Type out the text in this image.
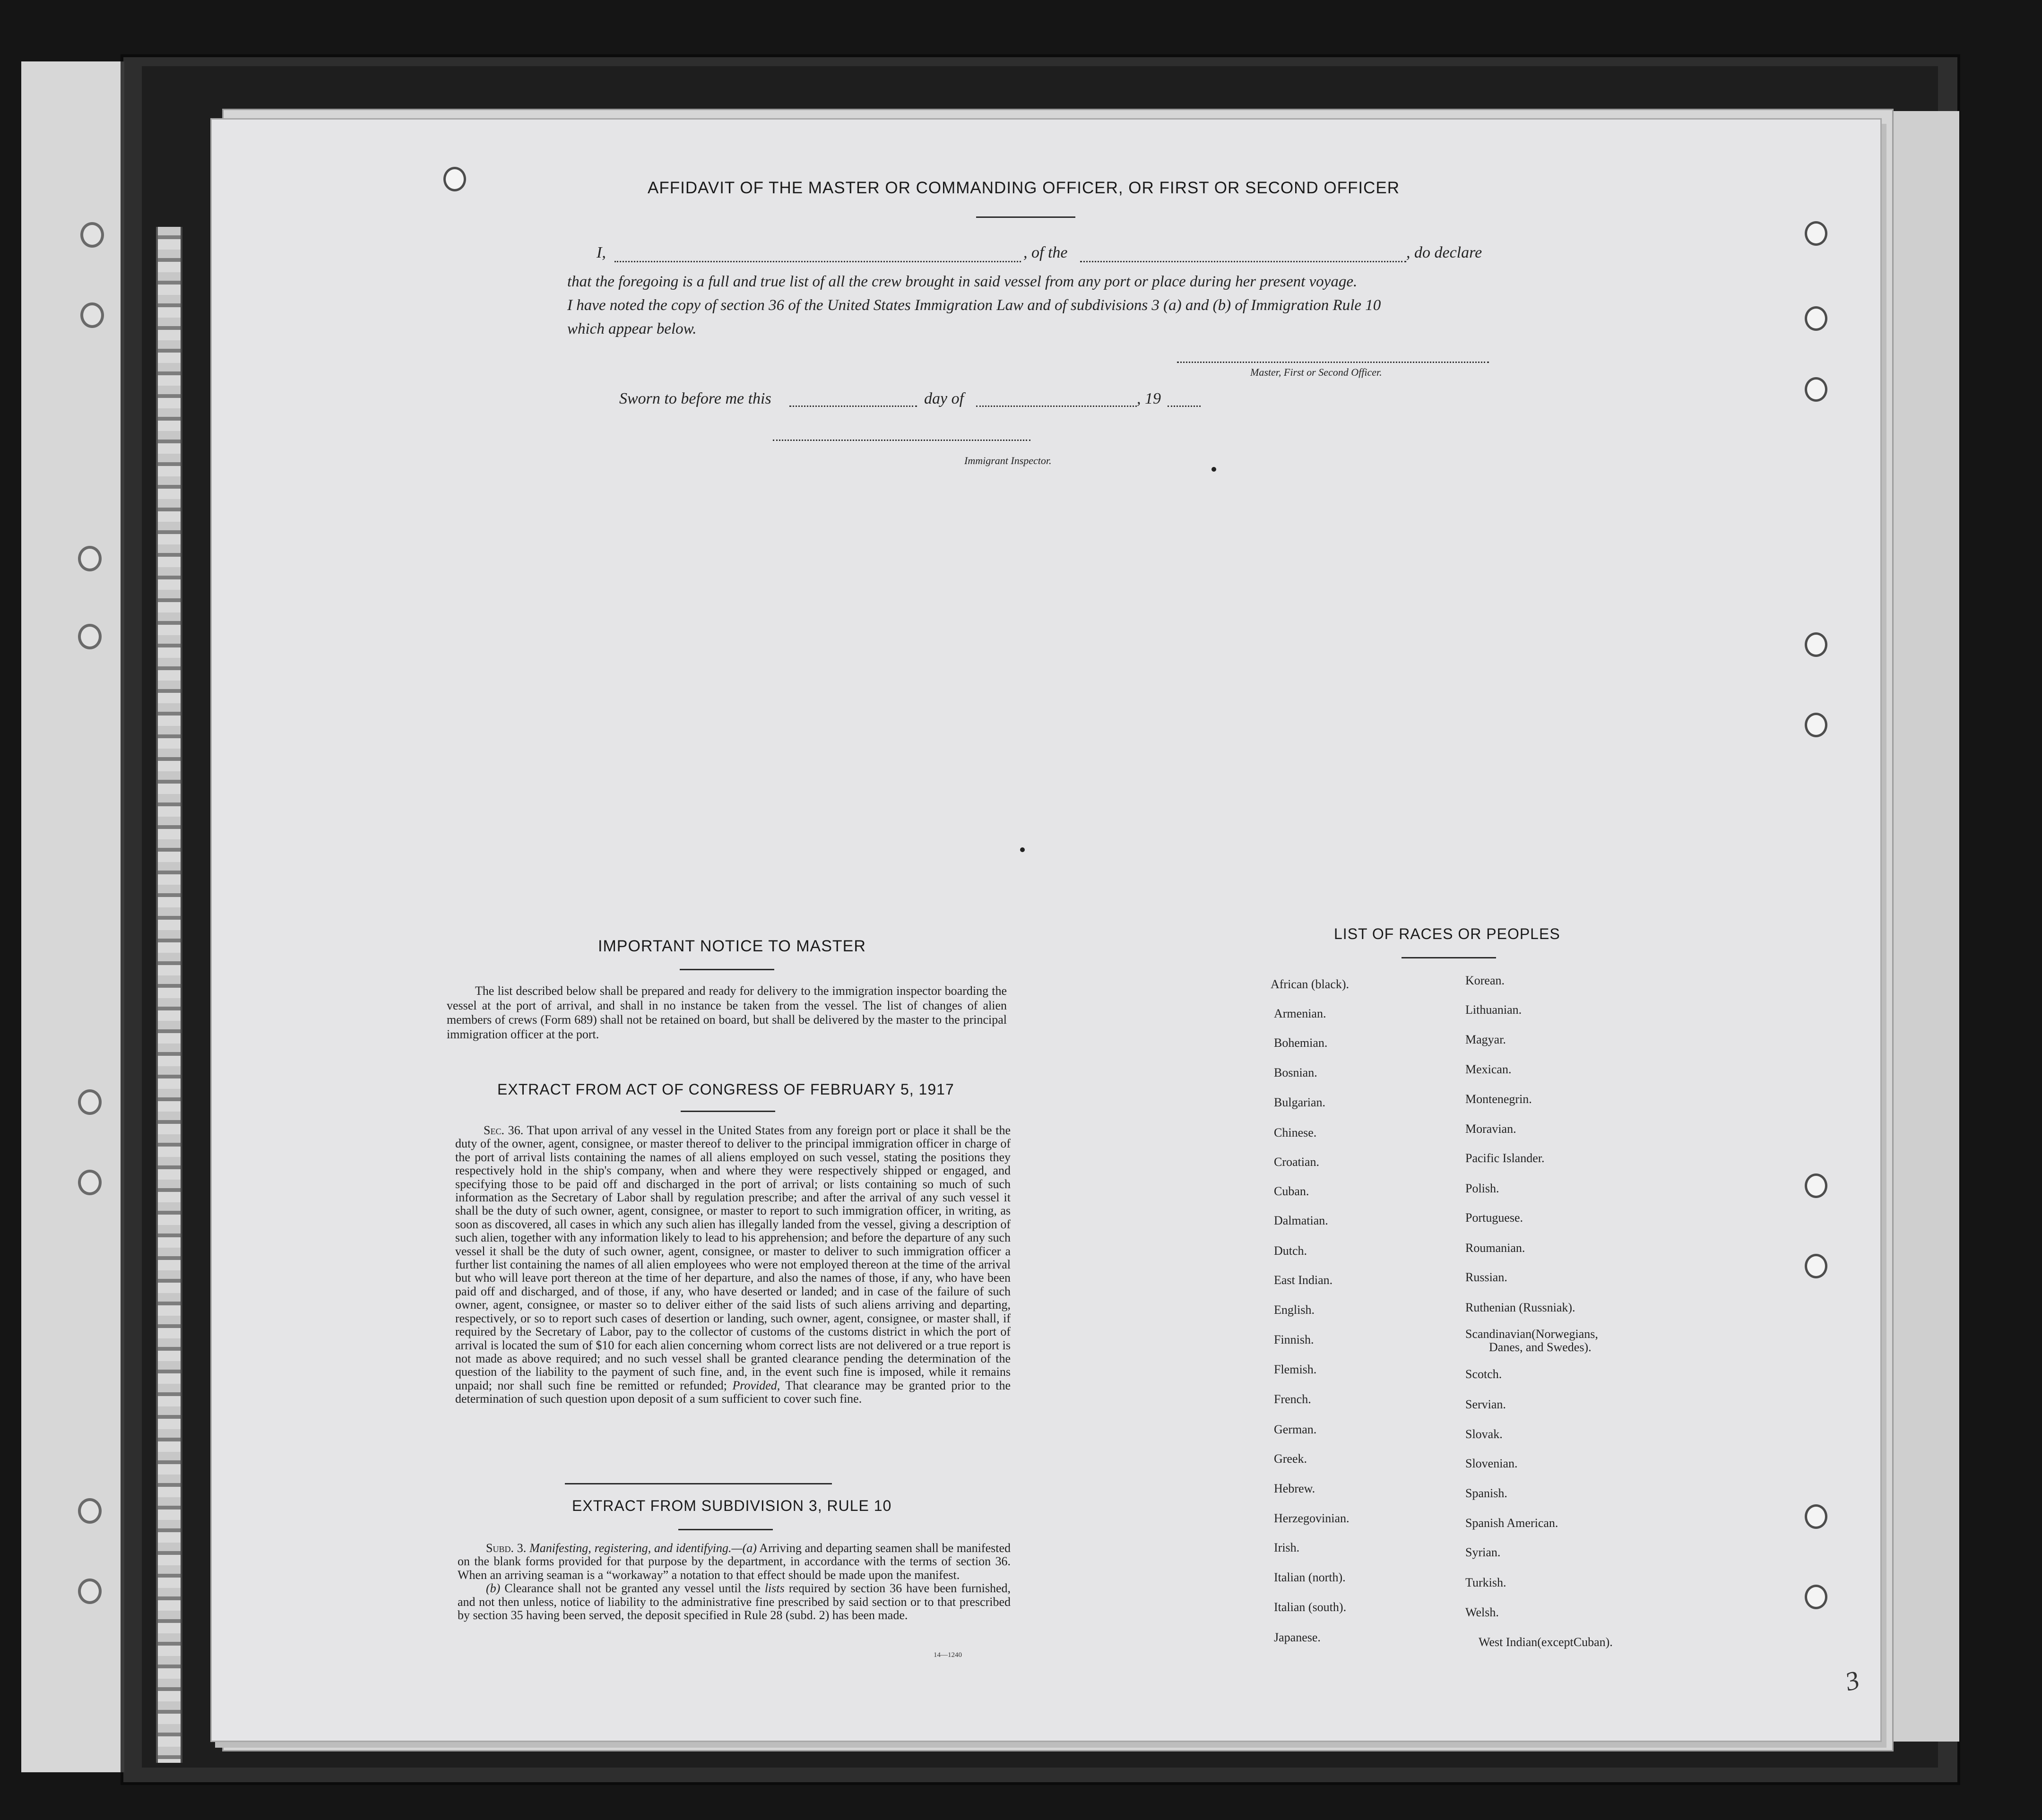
AFFIDAVIT OF THE MASTER OR COMMANDING OFFICER, OR FIRST OR SECOND OFFICER
I,	, of the	, do declare
that the foregoing is a full and true list of all the crew brought in said vessel from any port or place during her present voyage.
I have noted the copy of section 36 of the United States Immigration Law and of subdivisions 3 (a) and (b) of Immigration Rule 10
which appear below.
Master, First or Second Officer.
Sworn to before me this	day of	, 19
Immigrant Inspector.
IMPORTANT NOTICE TO MASTER

The list described below shall be prepared and ready for delivery to the immigration inspector boarding the vessel at the port of arrival, and shall in no instance be taken from the vessel. The list of changes of alien members of crews (Form 689) shall not be retained on board, but shall be delivered by the master to the principal immigration officer at the port.

EXTRACT FROM ACT OF CONGRESS OF FEBRUARY 5, 1917

Sec. 36. That upon arrival of any vessel in the United States from any foreign port or place it shall be the duty of the owner, agent, consignee, or master thereof to deliver to the principal immigration officer in charge of the port of arrival lists containing the names of all aliens employed on such vessel, stating the positions they respectively hold in the ship's company, when and where they were respectively shipped or engaged, and specifying those to be paid off and discharged in the port of arrival; or lists containing so much of such information as the Secretary of Labor shall by regulation prescribe; and after the arrival of any such vessel it shall be the duty of such owner, agent, consignee, or master to report to such immigration officer, in writing, as soon as discovered, all cases in which any such alien has illegally landed from the vessel, giving a description of such alien, together with any information likely to lead to his apprehension; and before the departure of any such vessel it shall be the duty of such owner, agent, consignee, or master to deliver to such immigration officer a further list containing the names of all alien employees who were not employed thereon at the time of the arrival but who will leave port thereon at the time of her departure, and also the names of those, if any, who have been paid off and discharged, and of those, if any, who have deserted or landed; and in case of the failure of such owner, agent, consignee, or master so to deliver either of the said lists of such aliens arriving and departing, respectively, or so to report such cases of desertion or landing, such owner, agent, consignee, or master shall, if required by the Secretary of Labor, pay to the collector of customs of the customs district in which the port of arrival is located the sum of $10 for each alien concerning whom correct lists are not delivered or a true report is not made as above required; and no such vessel shall be granted clearance pending the determination of the question of the liability to the payment of such fine, and, in the event such fine is imposed, while it remains unpaid; nor shall such fine be remitted or refunded; Provided, That clearance may be granted prior to the determination of such question upon deposit of a sum sufficient to cover such fine.

EXTRACT FROM SUBDIVISION 3, RULE 10

Subd. 3. Manifesting, registering, and identifying.—(a) Arriving and departing seamen shall be manifested on the blank forms provided for that purpose by the department, in accordance with the terms of section 36. When an arriving seaman is a “workaway” a notation to that effect should be made upon the manifest.

(b) Clearance shall not be granted any vessel until the lists required by section 36 have been furnished, and not then unless, notice of liability to the administrative fine prescribed by said section or to that prescribed by section 35 having been served, the deposit specified in Rule 28 (subd. 2) has been made.

14—1240
LIST OF RACES OR PEOPLES
African (black).
Armenian.
Bohemian.
Bosnian.
Bulgarian.
Chinese.
Croatian.
Cuban.
Dalmatian.
Dutch.
East Indian.
English.
Finnish.
Flemish.
French.
German.
Greek.
Hebrew.
Herzegovinian.
Irish.
Italian (north).
Italian (south).
Japanese.
Korean.
Lithuanian.
Magyar.
Mexican.
Montenegrin.
Moravian.
Pacific Islander.
Polish.
Portuguese.
Roumanian.
Russian.
Ruthenian (Russniak).
Scandinavian(Norwegians,
Danes, and Swedes).
Scotch.
Servian.
Slovak.
Slovenian.
Spanish.
Spanish American.
Syrian.
Turkish.
Welsh.
West Indian(exceptCuban).
3
